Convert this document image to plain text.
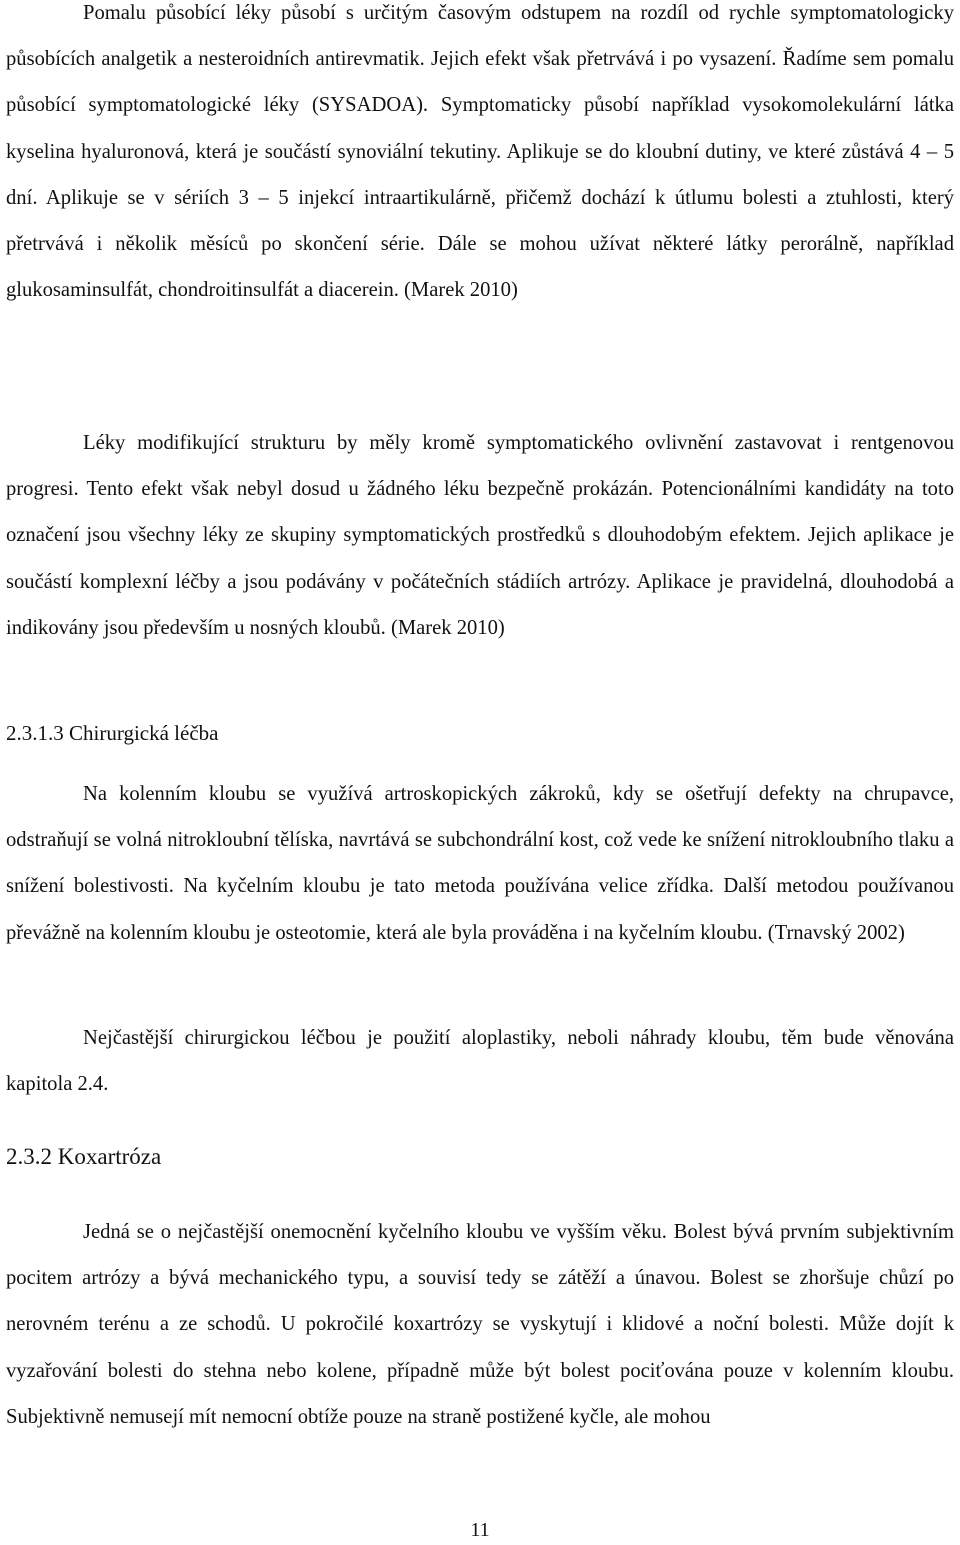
Pomalu působící léky působí s určitým časovým odstupem na rozdíl od rychle symptomatologicky působících analgetik a nesteroidních antirevmatik. Jejich efekt však přetrvává i po vysazení. Řadíme sem pomalu působící symptomatologické léky (SYSADOA). Symptomaticky působí například vysokomolekulární látka kyselina hyaluronová, která je součástí synoviální tekutiny. Aplikuje se do kloubní dutiny, ve které zůstává 4 – 5 dní. Aplikuje se v sériích 3 – 5 injekcí intraartikulárně, přičemž dochází k útlumu bolesti a ztuhlosti, který přetrvává i několik měsíců po skončení série. Dále se mohou užívat některé látky perorálně, například glukosaminsulfát, chondroitinsulfát a diacerein. (Marek 2010)

Léky modifikující strukturu by měly kromě symptomatického ovlivnění zastavovat i rentgenovou progresi. Tento efekt však nebyl dosud u žádného léku bezpečně prokázán. Potencionálními kandidáty na toto označení jsou všechny léky ze skupiny symptomatických prostředků s dlouhodobým efektem. Jejich aplikace je součástí komplexní léčby a jsou podávány v počátečních stádiích artrózy. Aplikace je pravidelná, dlouhodobá a indikovány jsou především u nosných kloubů. (Marek 2010)

2.3.1.3 Chirurgická léčba

Na kolenním kloubu se využívá artroskopických zákroků, kdy se ošetřují defekty na chrupavce, odstraňují se volná nitrokloubní tělíska, navrtává se subchondrální kost, což vede ke snížení nitrokloubního tlaku a snížení bolestivosti. Na kyčelním kloubu je tato metoda používána velice zřídka. Další metodou používanou převážně na kolenním kloubu je osteotomie, která ale byla prováděna i na kyčelním kloubu. (Trnavský 2002)

Nejčastější chirurgickou léčbou je použití aloplastiky, neboli náhrady kloubu, těm bude věnována kapitola 2.4.

2.3.2 Koxartróza

Jedná se o nejčastější onemocnění kyčelního kloubu ve vyšším věku. Bolest bývá prvním subjektivním pocitem artrózy a bývá mechanického typu, a souvisí tedy se zátěží a únavou. Bolest se zhoršuje chůzí po nerovném terénu a ze schodů. U pokročilé koxartrózy se vyskytují i klidové a noční bolesti. Může dojít k vyzařování bolesti do stehna nebo kolene, případně může být bolest pociťována pouze v kolenním kloubu. Subjektivně nemusejí mít nemocní obtíže pouze na straně postižené kyčle, ale mohou

11
